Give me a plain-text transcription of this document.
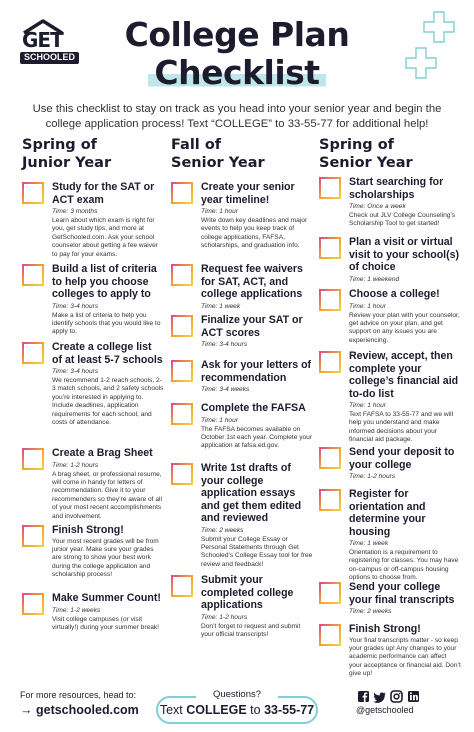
GET
SCHOOLED
College Plan
Checklist
Use this checklist to stay on track as you head into your senior year and begin the college application process! Text “COLLEGE” to 33-55-77 for additional help!
Spring of
Junior Year
Study for the SAT or ACT exam
Time: 3 months
Learn about which exam is right for you, get study tips, and more at GetSchooled.com. Ask your school counselor about getting a fee waiver to pay for your exams.
Build a list of criteria to help you choose colleges to apply to
Time: 3-4 hours
Make a list of criteria to help you identify schools that you would like to apply to.
Create a college list of at least 5-7 schools
Time: 3-4 hours
We recommend 1-2 reach schools, 2-3 match schools, and 2 safety schools you’re interested in applying to. Include deadlines, application requirements for each school, and costs of attendance.
Create a Brag Sheet
Time: 1-2 hours
A brag sheet, or professional resume, will come in handy for letters of recommendation. Give it to your recommenders so they’re aware of all of your most recent accomplishments and involvement.
Finish Strong!
Your most recent grades will be from junior year. Make sure your grades are strong to show your best work during the college application and scholarship process!
Make Summer Count!
Time: 1-2 weeks
Visit college campuses (or visit virtually!) during your summer break!
Fall of
Senior Year
Create your senior year timeline!
Time: 1 hour
Write down key deadlines and major events to help you keep track of college applications, FAFSA, scholarships, and graduation info.
Request fee waivers for SAT, ACT, and college applications
Time: 1 week
Finalize your SAT or ACT scores
Time: 3-4 hours
Ask for your letters of recommendation
Time: 3-4 weeks
Complete the FAFSA
Time: 1 hour
The FAFSA becomes available on October 1st each year. Complete your application at fafsa.ed.gov.
Write 1st drafts of your college application essays and get them edited and reviewed
Time: 2 weeks
Submit your College Essay or Personal Statements through Get Schooled’s College Essay tool for free review and feedback!
Submit your completed college applications
Time: 1-2 hours
Don’t forget to request and submit your official transcripts!
Spring of
Senior Year
Start searching for scholarships
Time: Once a week
Check out JLV College Counseling’s Scholarship Tool to get started!
Plan a visit or virtual visit to your school(s) of choice
Time: 1 weekend
Choose a college!
Time: 1 hour
Review your plan with your counselor, get advice on your plan, and get support on any issues you are experiencing.
Review, accept, then complete your college’s financial aid to-do list
Time: 1 hour
Text FAFSA to 33-55-77 and we will help you understand and make informed decisions about your financial aid package.
Send your deposit to your college
Time: 1-2 hours
Register for orientation and determine your housing
Time: 1 week
Orientation is a requirement to registering for classes. You may have on-campus or off-campus housing options to choose from.
Send your college your final transcripts
Time: 2 weeks
Finish Strong!
Your final transcripts matter - so keep your grades up! Any changes to your academic performance can affect your acceptance or financial aid. Don’t give up!
For more resources, head to:
→ getschooled.com
Questions?
Text COLLEGE to 33-55-77	@getschooled
